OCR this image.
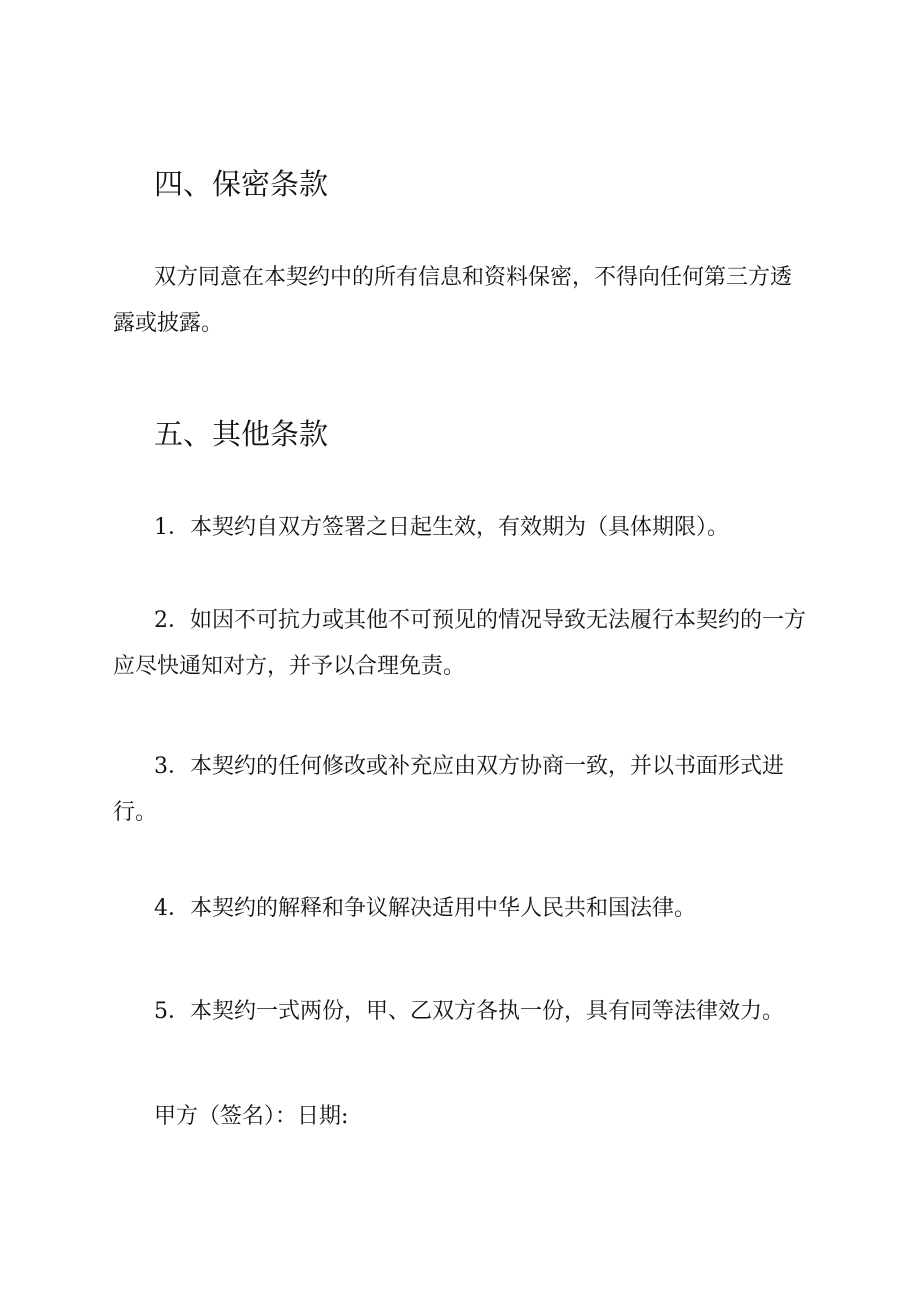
四、保密条款
双方同意在本契约中的所有信息和资料保密，不得向任何第三方透露或披露。
五、其他条款
1．本契约自双方签署之日起生效，有效期为（具体期限）。
2．如因不可抗力或其他不可预见的情况导致无法履行本契约的一方应尽快通知对方，并予以合理免责。
3．本契约的任何修改或补充应由双方协商一致，并以书面形式进行。
4．本契约的解释和争议解决适用中华人民共和国法律。
5．本契约一式两份，甲、乙双方各执一份，具有同等法律效力。
甲方（签名）：日期:
